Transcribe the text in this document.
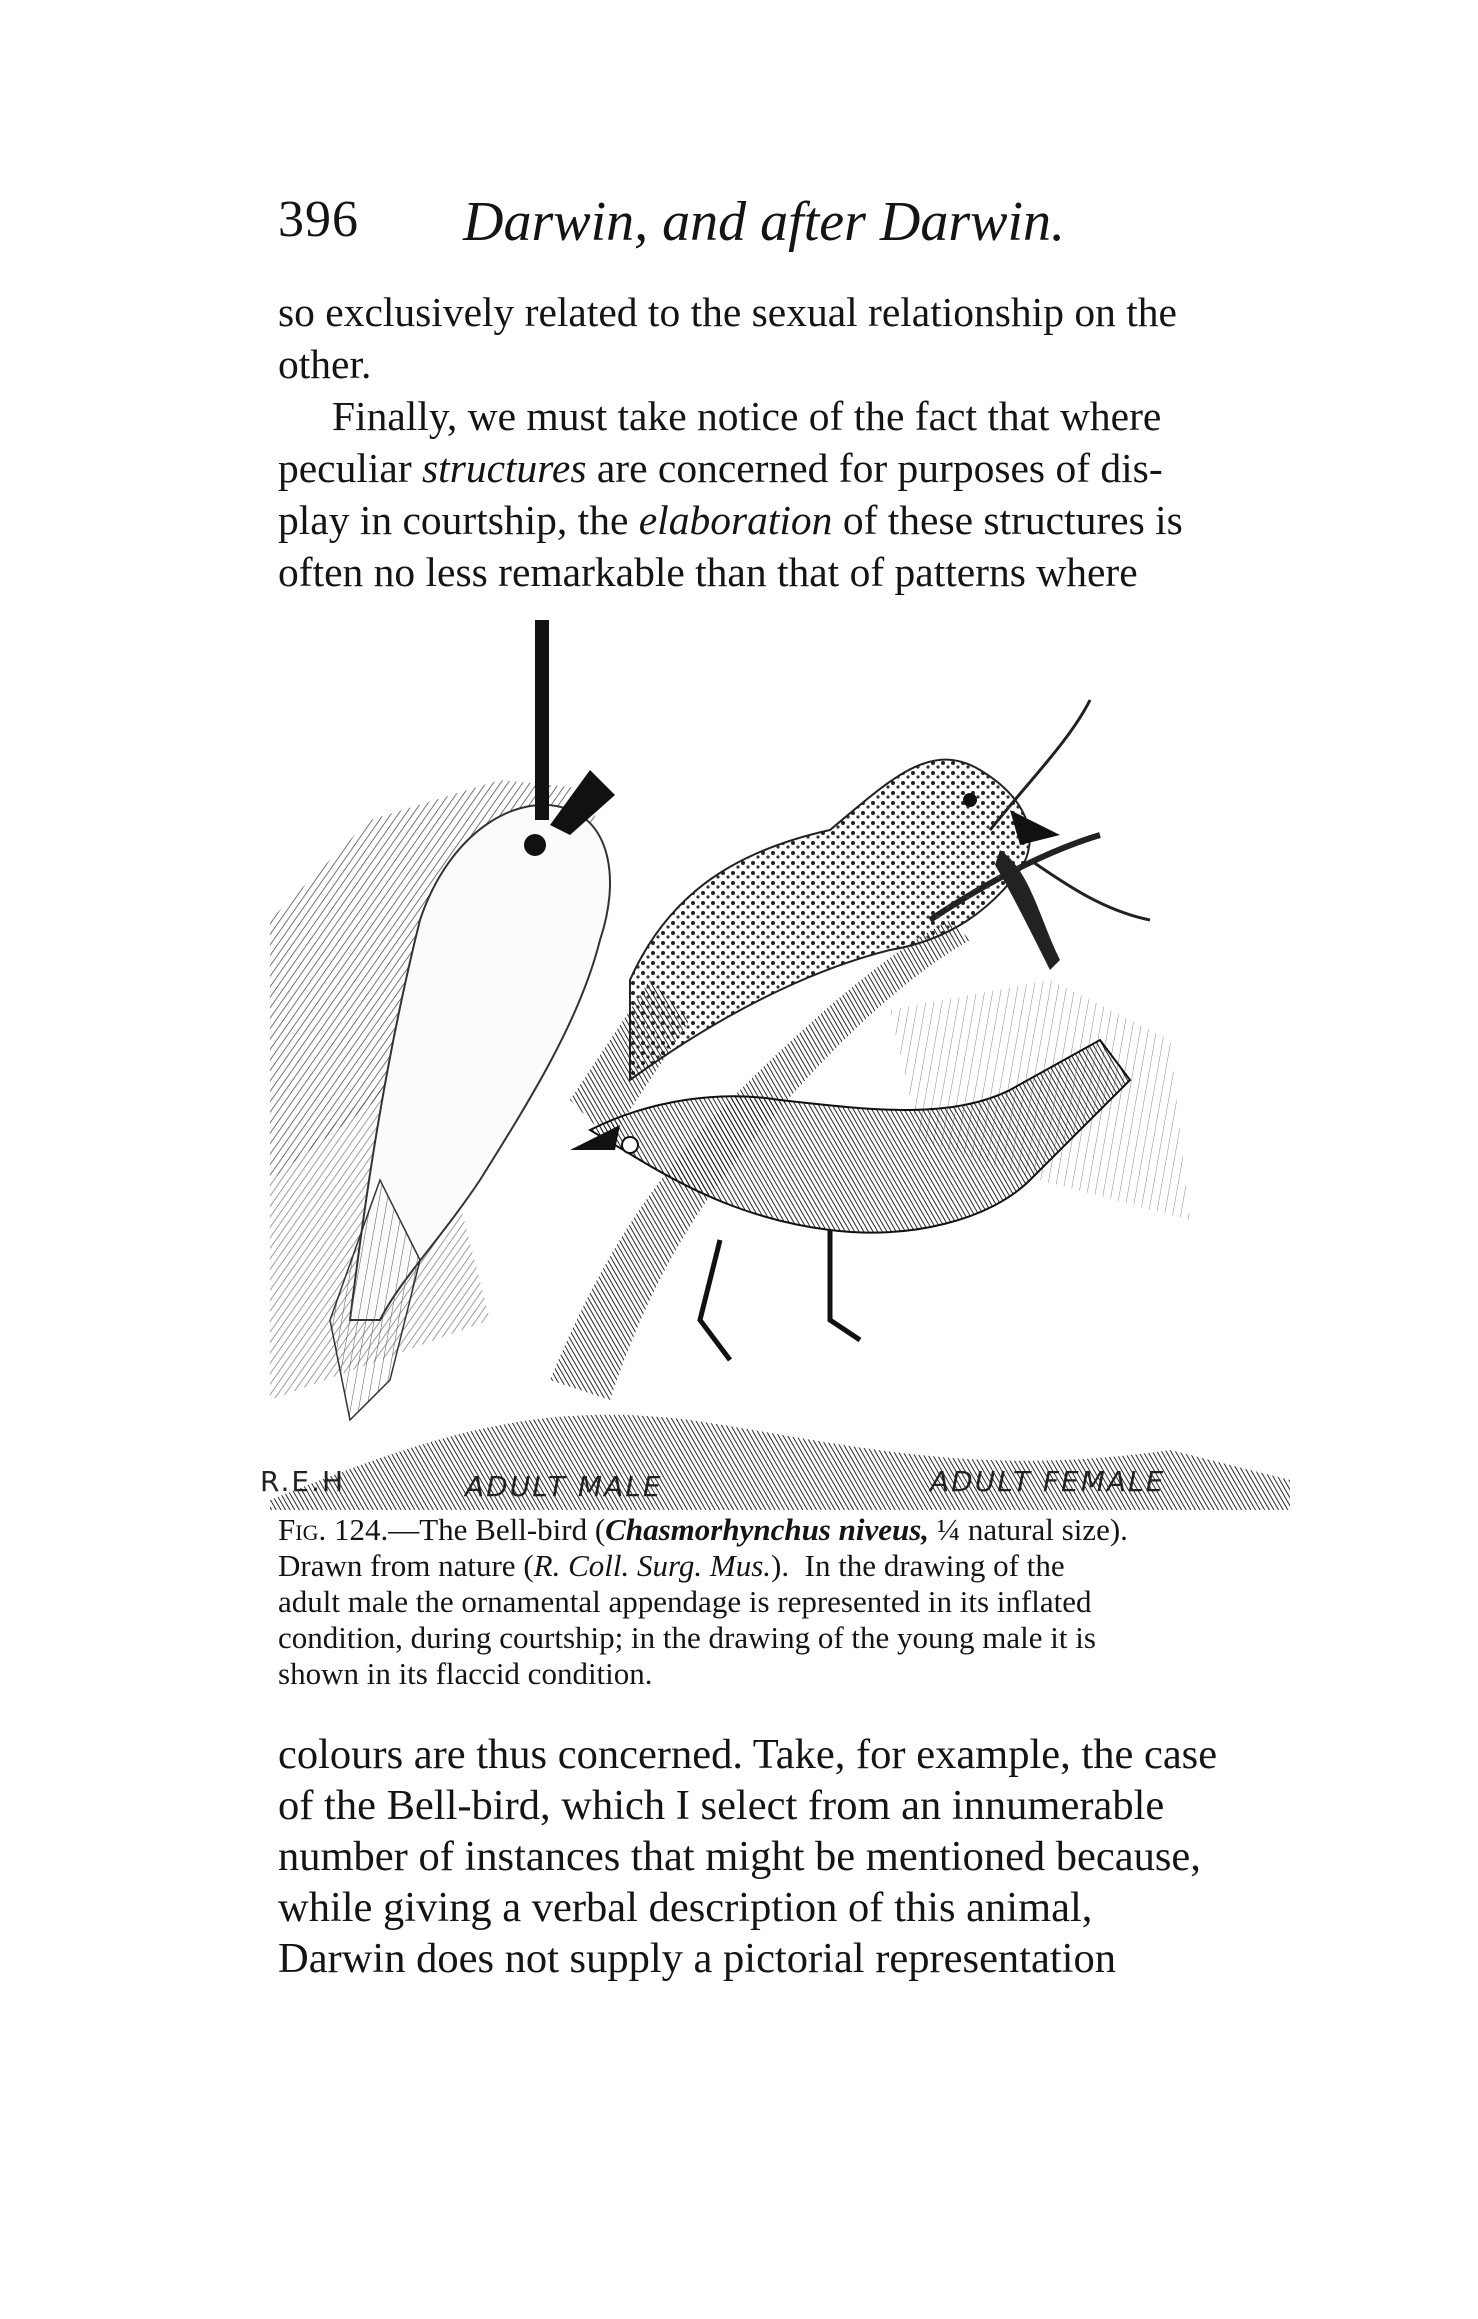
396 Darwin, and after Darwin.
so exclusively related to the sexual relationship on the
other.
Finally, we must take notice of the fact that where
peculiar structures are concerned for purposes of dis-
play in courtship, the elaboration of these structures is
often no less remarkable than that of patterns where
R.E.H	ADULT MALE	ADULT FEMALE
Fig.
124. —The Bell-bird ( Chasmorhynchus niveus, ¼ natural size).
Drawn from nature ( R. Coll. Surg. Mus. ).  In the drawing of the
adult male the ornamental appendage is represented in its inflated
condition, during courtship; in the drawing of the young male it is
shown in its flaccid condition.
colours are thus concerned. Take, for example, the case
of the Bell-bird, which I select from an innumerable
number of instances that might be mentioned because,
while giving a verbal description of this animal,
Darwin does not supply a pictorial representation
